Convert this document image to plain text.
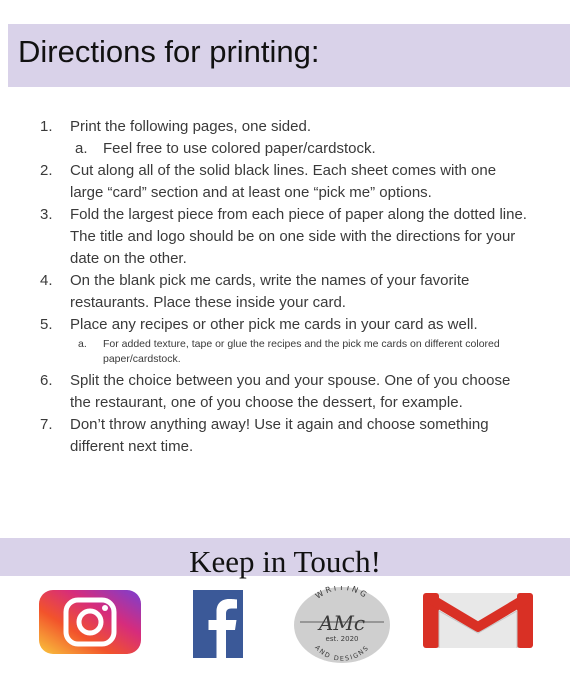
Directions for printing:
1. Print the following pages, one sided.
a. Feel free to use colored paper/cardstock.
2. Cut along all of the solid black lines. Each sheet comes with one large “card” section and at least one “pick me” options.
3. Fold the largest piece from each piece of paper along the dotted line. The title and logo should be on one side with the directions for your date on the other.
4. On the blank pick me cards, write the names of your favorite restaurants. Place these inside your card.
5. Place any recipes or other pick me cards in your card as well.
a. For added texture, tape or glue the recipes and the pick me cards on different colored paper/cardstock.
6. Split the choice between you and your spouse. One of you choose the restaurant, one of you choose the dessert, for example.
7. Don’t throw anything away! Use it again and choose something different next time.
Keep in Touch!
WRITING
AMc
est. 2020
AND DESIGNS
